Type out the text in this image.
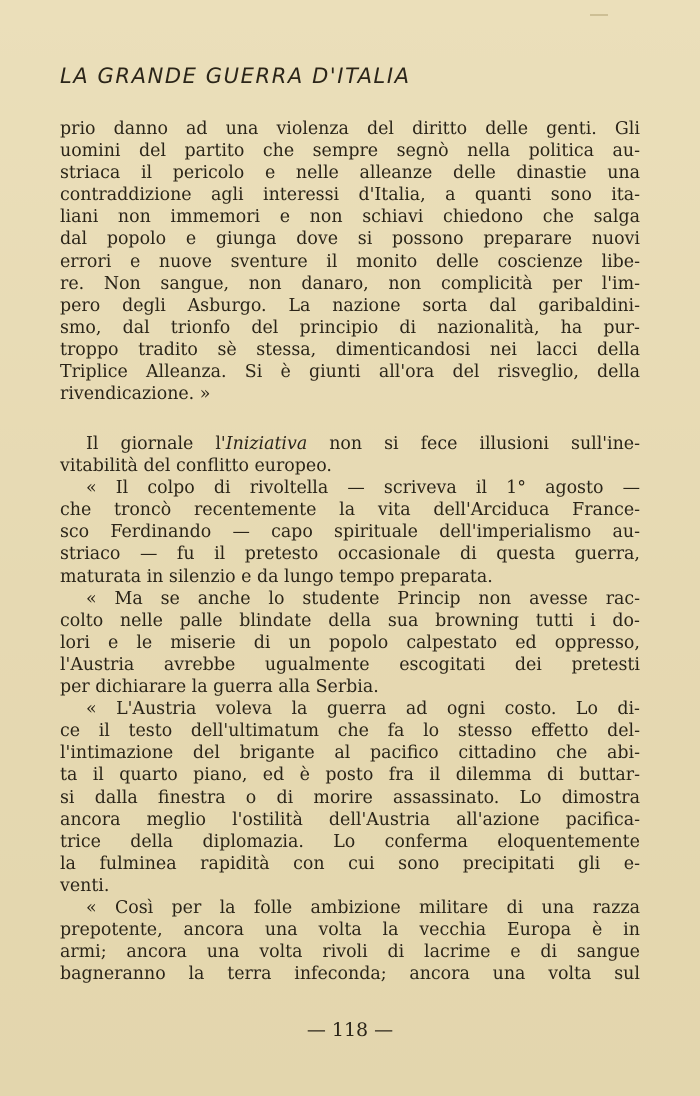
LA GRANDE GUERRA D'ITALIA
prio danno ad una violenza del diritto delle genti. Gli
uomini del partito che sempre segnò nella politica au-
striaca il pericolo e nelle alleanze delle dinastie una
contraddizione agli interessi d'Italia, a quanti sono ita-
liani non immemori e non schiavi chiedono che salga
dal popolo e giunga dove si possono preparare nuovi
errori e nuove sventure il monito delle coscienze libe-
re. Non sangue, non danaro, non complicità per l'im-
pero degli Asburgo. La nazione sorta dal garibaldini-
smo, dal trionfo del principio di nazionalità, ha pur-
troppo tradito sè stessa, dimenticandosi nei lacci della
Triplice Alleanza. Si è giunti all'ora del risveglio, della
rivendicazione. »
Il giornale l'Iniziativa non si fece illusioni sull'ine-
vitabilità del conflitto europeo.
« Il colpo di rivoltella — scriveva il 1° agosto —
che troncò recentemente la vita dell'Arciduca France-
sco Ferdinando — capo spirituale dell'imperialismo au-
striaco — fu il pretesto occasionale di questa guerra,
maturata in silenzio e da lungo tempo preparata.
« Ma se anche lo studente Princip non avesse rac-
colto nelle palle blindate della sua browning tutti i do-
lori e le miserie di un popolo calpestato ed oppresso,
l'Austria avrebbe ugualmente escogitati dei pretesti
per dichiarare la guerra alla Serbia.
« L'Austria voleva la guerra ad ogni costo. Lo di-
ce il testo dell'ultimatum che fa lo stesso effetto del-
l'intimazione del brigante al pacifico cittadino che abi-
ta il quarto piano, ed è posto fra il dilemma di buttar-
si dalla finestra o di morire assassinato. Lo dimostra
ancora meglio l'ostilità dell'Austria all'azione pacifica-
trice della diplomazia. Lo conferma eloquentemente
la fulminea rapidità con cui sono precipitati gli e-
venti.
« Così per la folle ambizione militare di una razza
prepotente, ancora una volta la vecchia Europa è in
armi; ancora una volta rivoli di lacrime e di sangue
bagneranno la terra infeconda; ancora una volta sul
— 118 —
